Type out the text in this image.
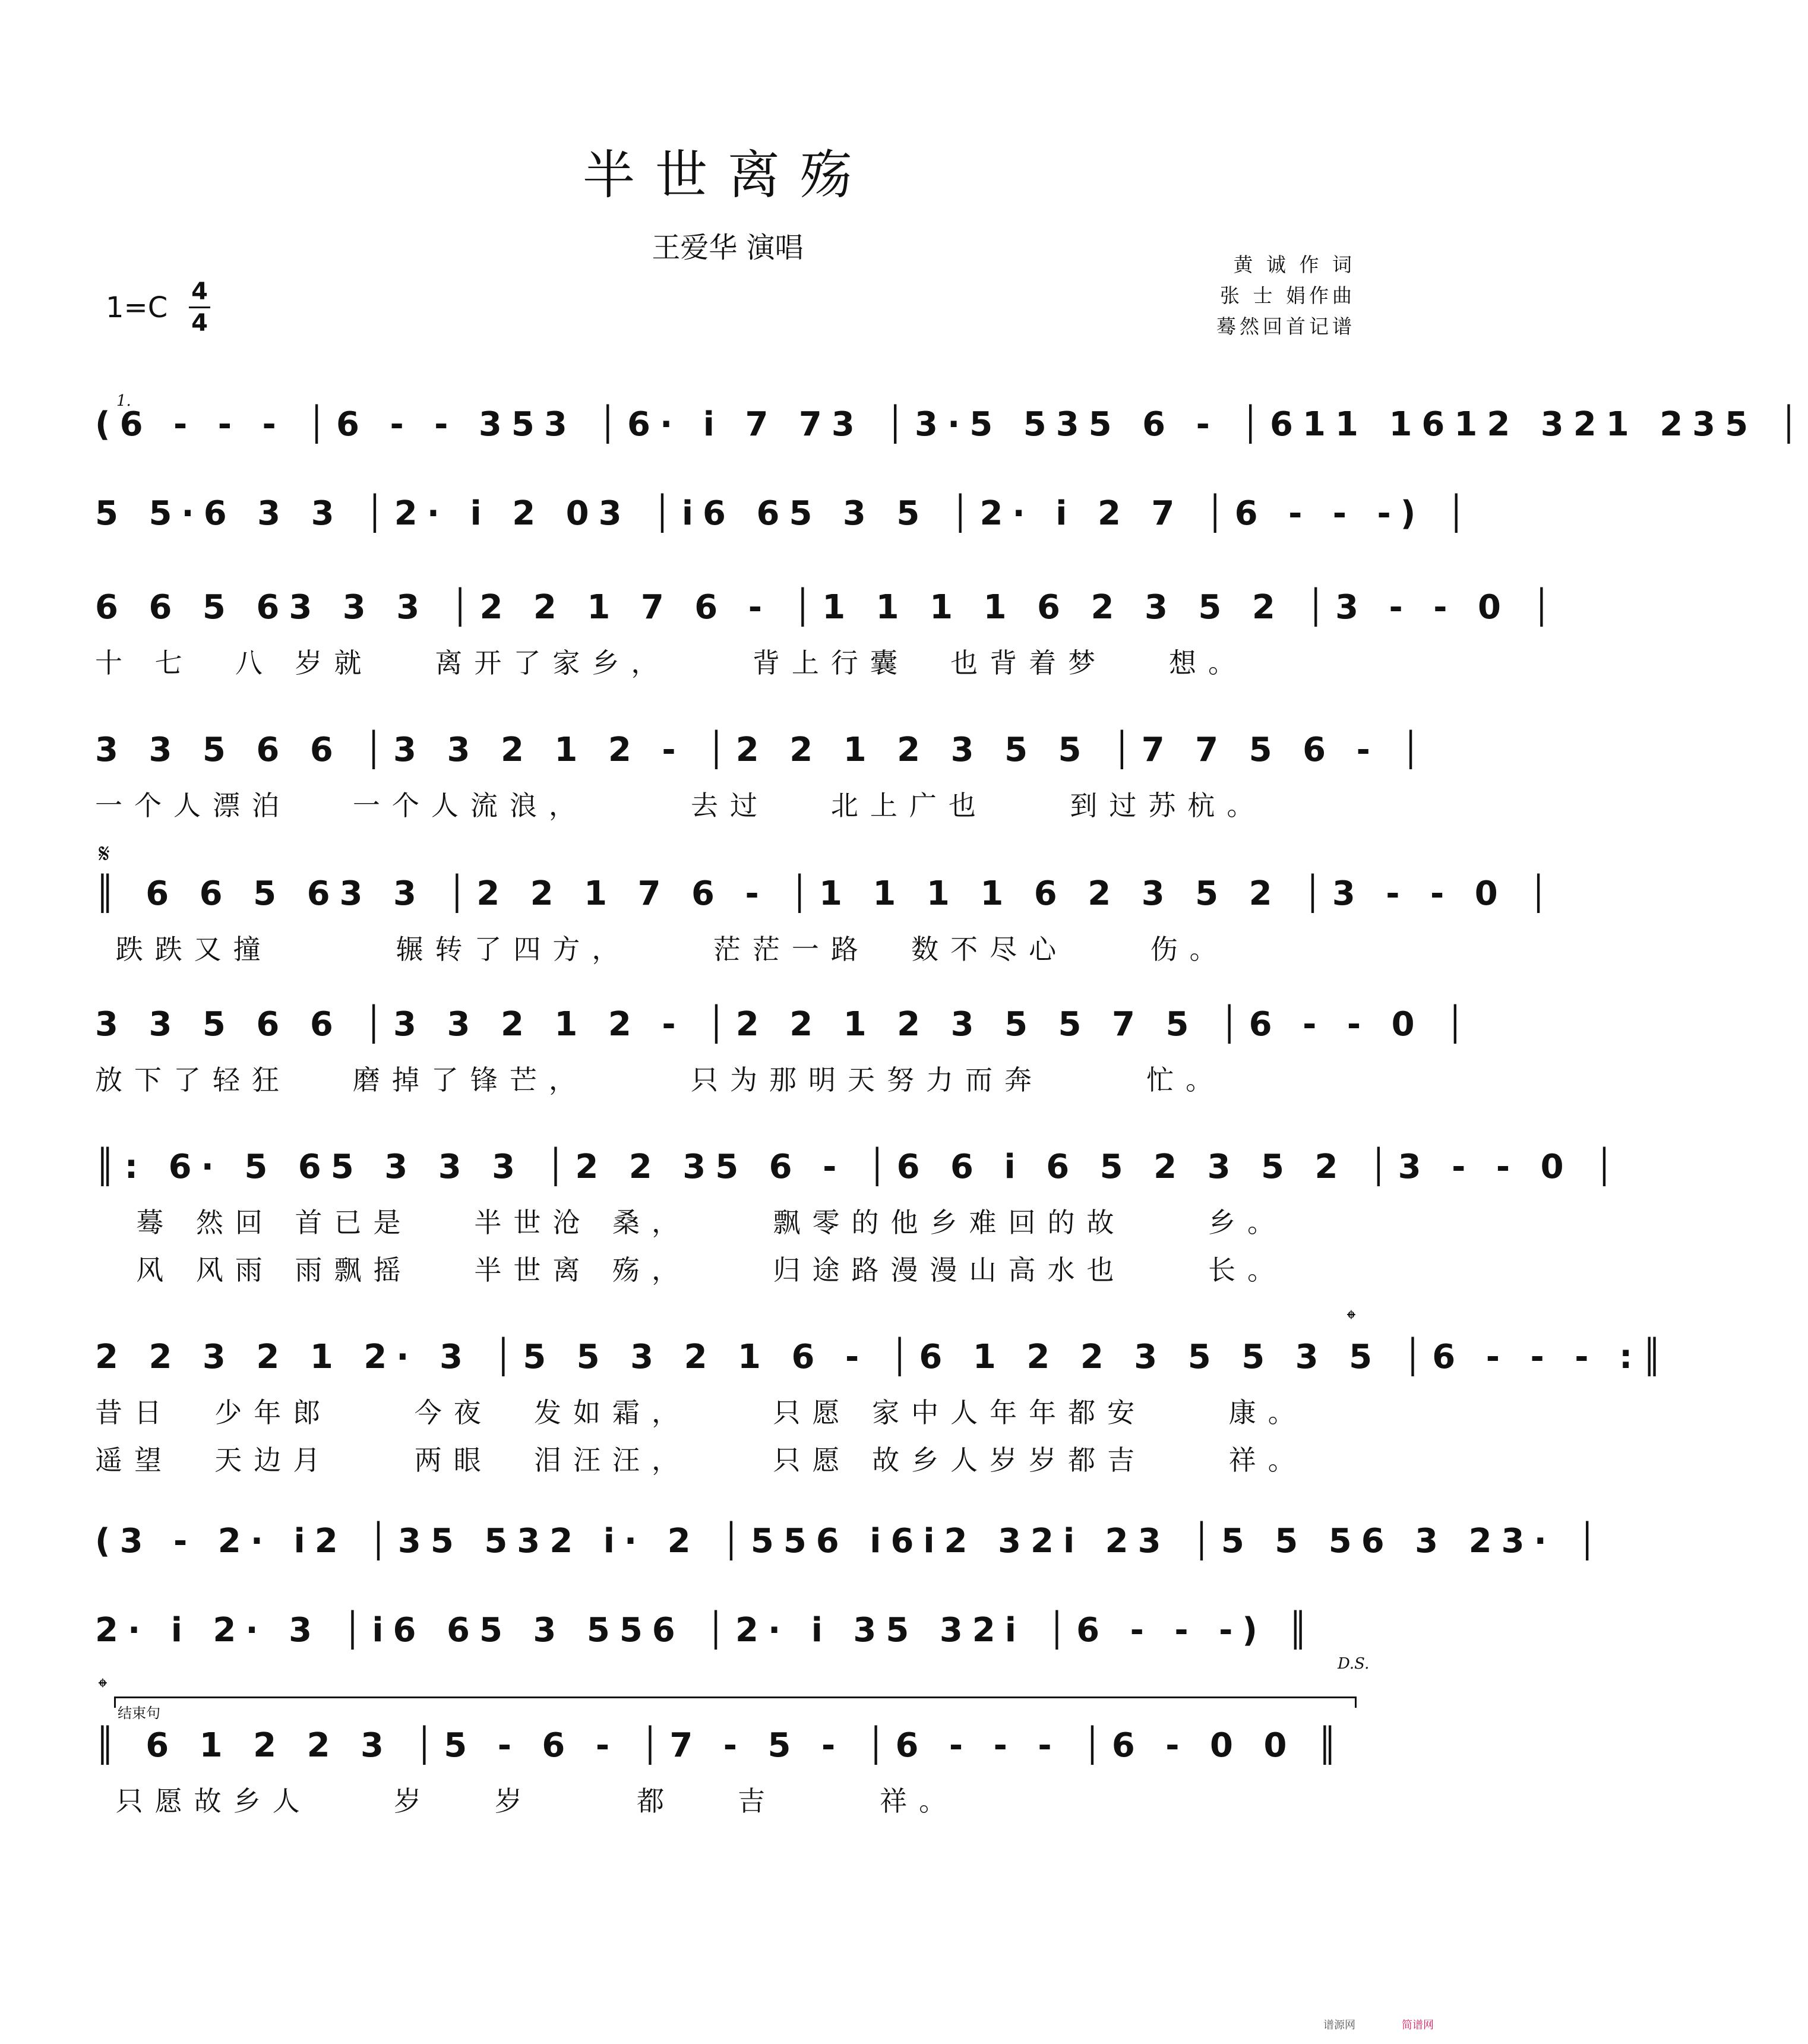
半世离殇
王爱华 演唱
黄 诚 作 词
张 士 娟作曲
蓦然回首记谱
1=C 4
4
1.
(6 - - - │6 - - 353 │6· i 7 73 │3·5 535 6 - │611 1612 321 235 │
5 5·6 3 3 │2· i 2 03 │i6 65 3 5 │2· i 2 7 │6 - - -) │
6 6 5 63 3 3 │2 2 1 7 6 - │1 1 1 1 6 2 3 5 2 │3 - - 0 │
十 七  八 岁就   离开了家乡，    背上行囊  也背着梦   想。
3 3 5 6 6 │3 3 2 1 2 - │2 2 1 2 3 5 5 │7 7 5 6 - │
一个人漂泊   一个人流浪，     去过   北上广也    到过苏杭。
𝄋
║ 6 6 5 63 3 │2 2 1 7 6 - │1 1 1 1 6 2 3 5 2 │3 - - 0 │
跌跌又撞      辗转了四方，    茫茫一路  数不尽心    伤。
3 3 5 6 6 │3 3 2 1 2 - │2 2 1 2 3 5 5 7 5 │6 - - 0 │
放下了轻狂   磨掉了锋芒，     只为那明天努力而奔     忙。
║: 6· 5 65 3 3 3 │2 2 35 6 - │6 6 i 6 5 2 3 5 2 │3 - - 0 │
蓦 然回 首已是   半世沧 桑，    飘零的他乡难回的故    乡。
风 风雨 雨飘摇   半世离 殇，    归途路漫漫山高水也    长。
𝄌
2 2 3 2 1 2· 3 │5 5 3 2 1 6 - │6 1 2 2 3 5 5 3 5 │6 - - - :║
昔日  少年郎    今夜  发如霜，    只愿 家中人年年都安    康。
遥望  天边月    两眼  泪汪汪，    只愿 故乡人岁岁都吉    祥。
(3 - 2· i2 │35 532 i· 2 │556 i6i2 32i 23 │5 5 56 3 23· │
2· i 2· 3 │i6 65 3 556 │2· i 35 32i │6 - - -) ║
D.S.
𝄌
结束句
║ 6 1 2 2 3 │5 - 6 - │7 - 5 - │6 - - - │6 - 0 0 ║
只愿故乡人    岁   岁     都   吉     祥。
谱源网	简谱网
